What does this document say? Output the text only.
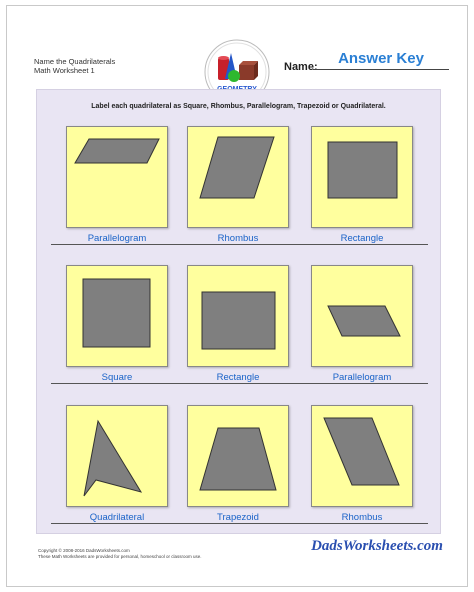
Name the Quadrilaterals
Math Worksheet 1	Name:	Answer Key
Label each quadrilateral as Square, Rhombus, Parallelogram, Trapezoid or Quadrilateral.
Parallelogram	Rhombus	Rectangle
Square	Rectangle	Parallelogram
Quadrilateral	Trapezoid	Rhombus
Copyright © 2008-2016 DadsWorksheets.com
These Math Worksheets are provided for personal, homeschool or classroom use.
DadsWorksheets.com
